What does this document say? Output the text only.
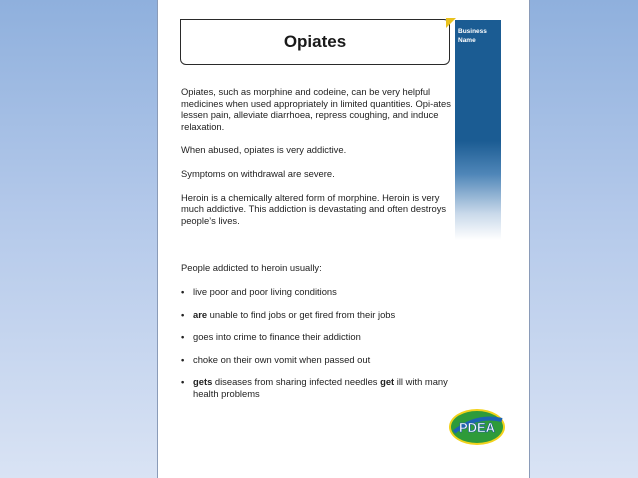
Opiates
Business
Name

Opiates, such as morphine and codeine, can be very helpful medicines when used appropriately in limited quantities. Opi-ates lessen pain, alleviate diarrhoea, repress coughing, and induce relaxation.

When abused, opiates is very addictive.

Symptoms on withdrawal are severe.

Heroin is a chemically altered form of morphine. Heroin is very much addictive. This addiction is devastating and often destroys people’s lives.

People addicted to heroin usually:

• live poor and poor living conditions
• are unable to find jobs or get fired from their jobs
• goes into crime to finance their addiction
• choke on their own vomit when passed out
• gets diseases from sharing infected needles get ill with many health problems
PDEA
